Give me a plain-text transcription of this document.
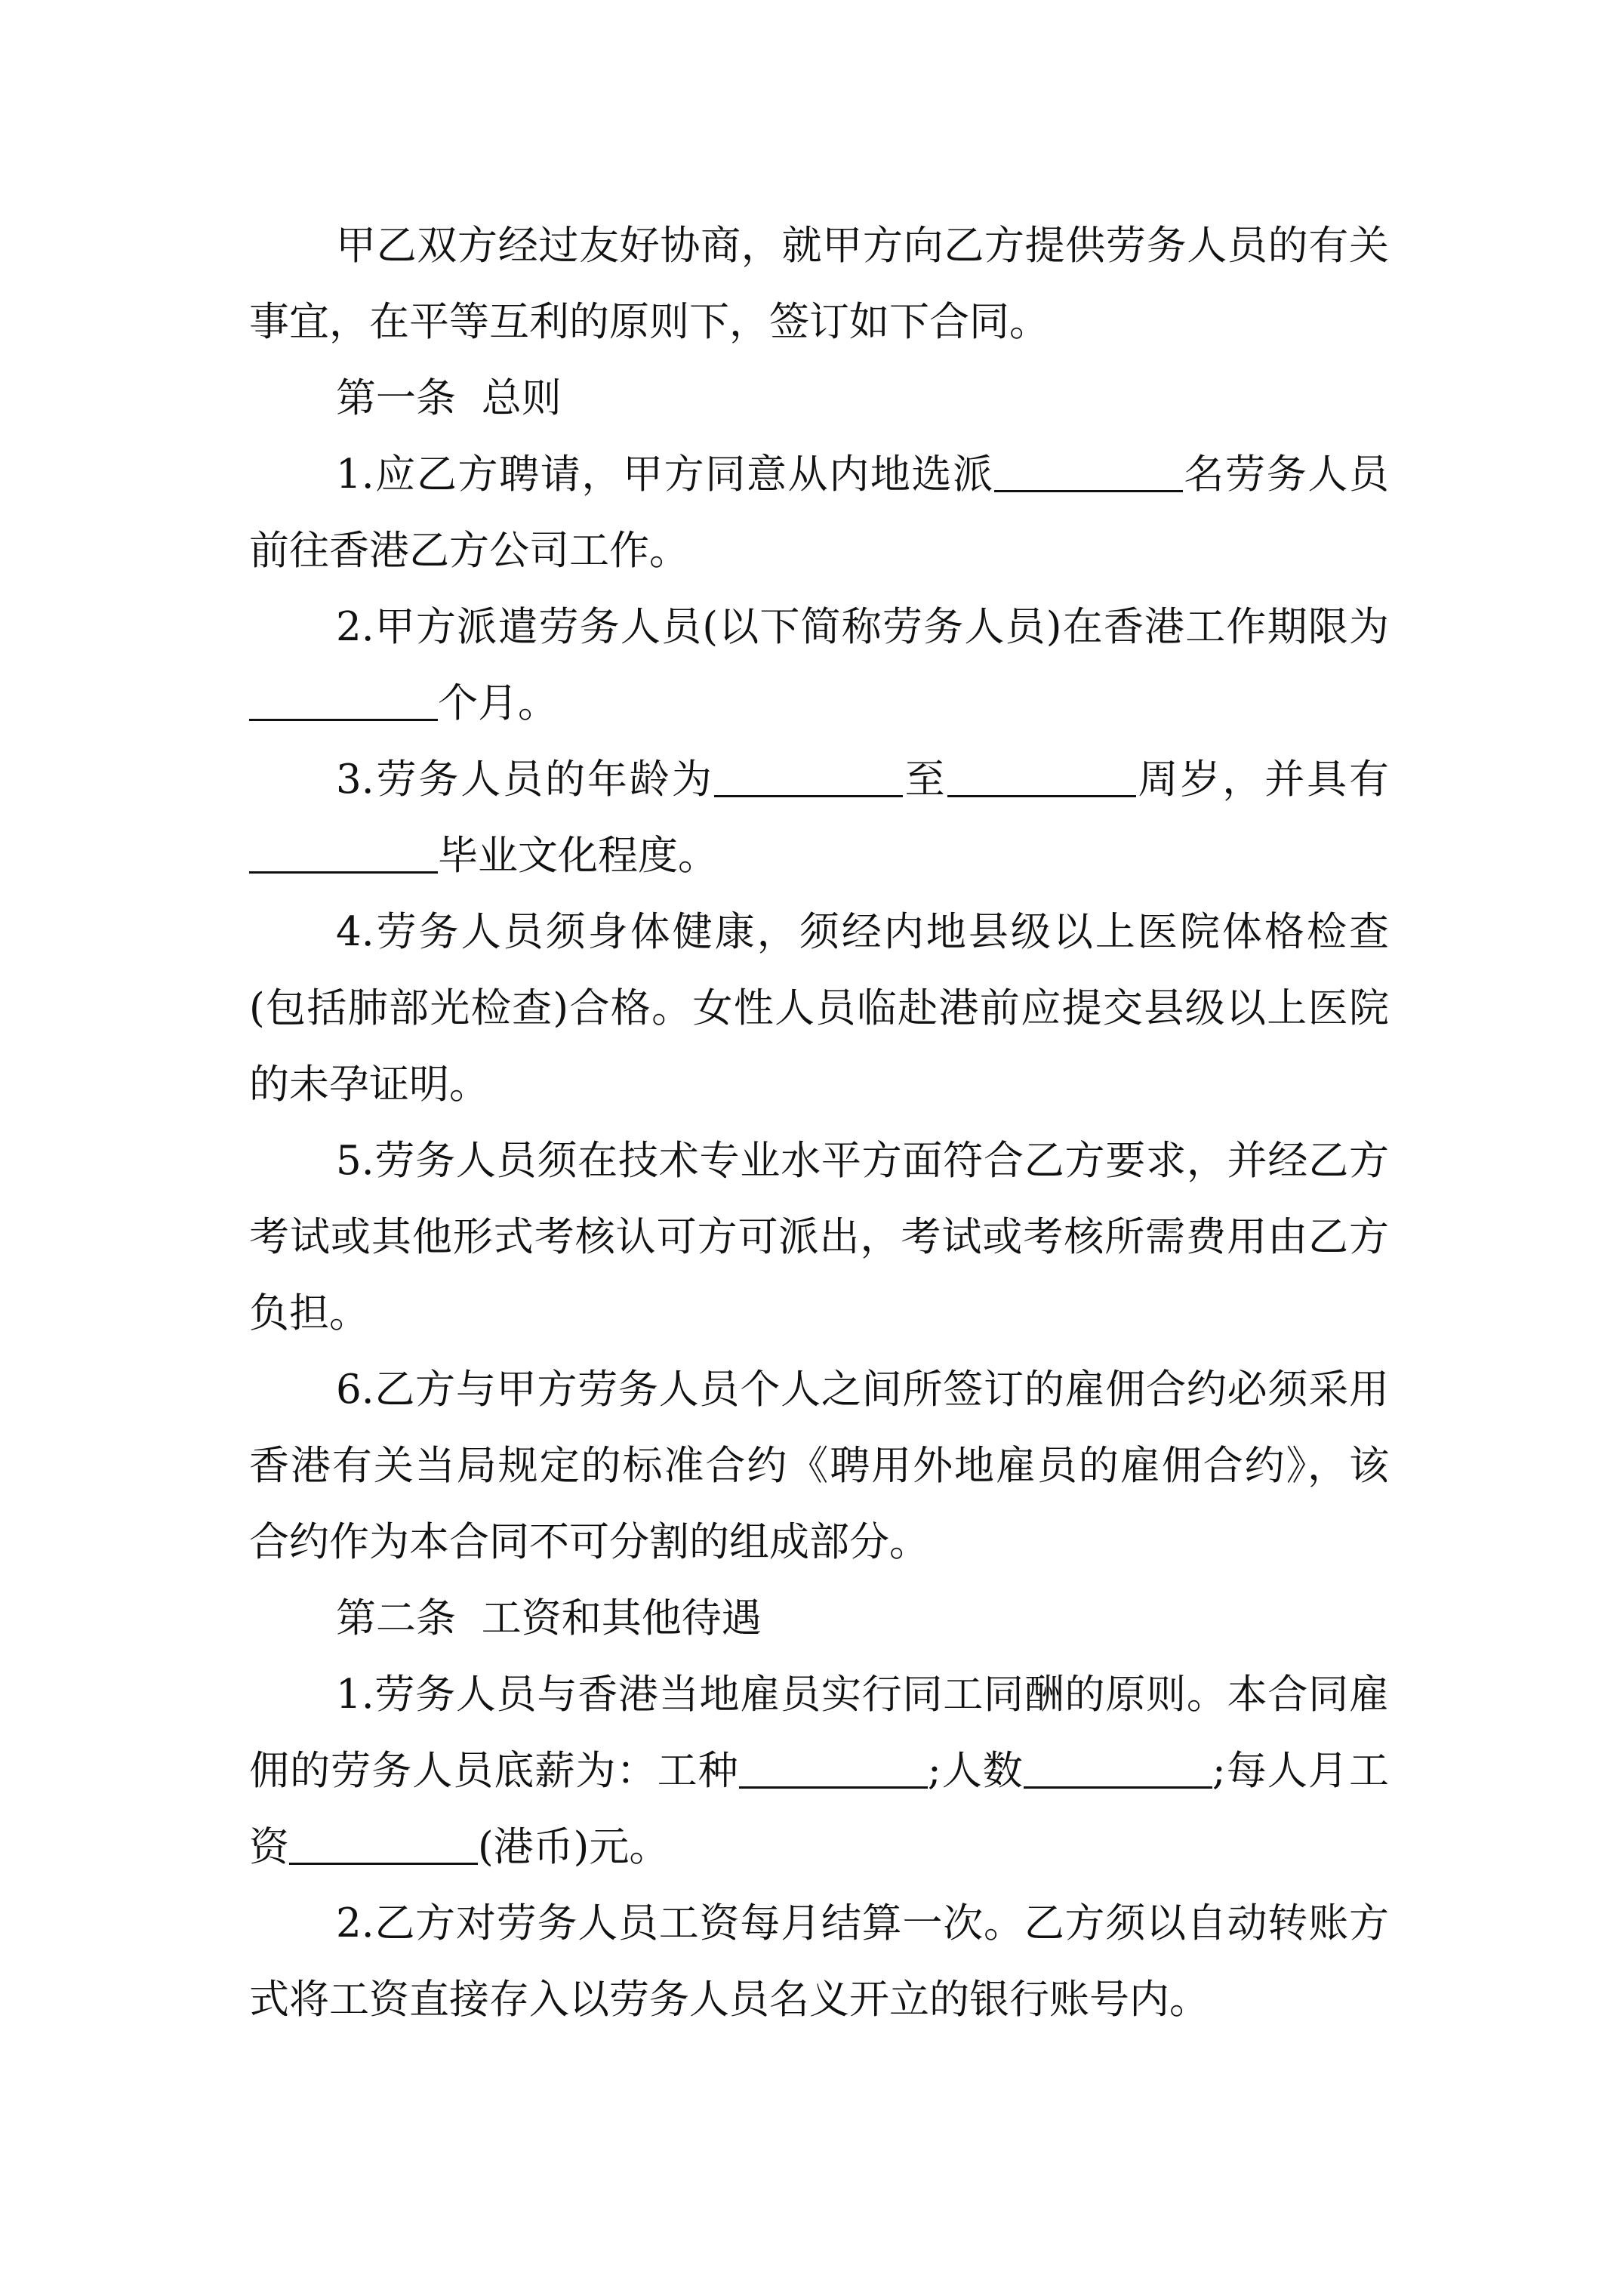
甲乙双方经过友好协商，就甲方向乙方提供劳务人员的有关事宜，在平等互利的原则下，签订如下合同。

第一条  总则

1.应乙方聘请，甲方同意从内地选派	名劳务人员前往香港乙方公司工作。

2.甲方派遣劳务人员(以下简称劳务人员)在香港工作期限为个月。

3.劳务人员的年龄为	至	周岁，并具有毕业文化程度。

4.劳务人员须身体健康，须经内地县级以上医院体格检查(包括肺部光检查)合格。女性人员临赴港前应提交县级以上医院的未孕证明。

5.劳务人员须在技术专业水平方面符合乙方要求，并经乙方考试或其他形式考核认可方可派出，考试或考核所需费用由乙方负担。

6.乙方与甲方劳务人员个人之间所签订的雇佣合约必须采用香港有关当局规定的标准合约《聘用外地雇员的雇佣合约》，该合约作为本合同不可分割的组成部分。

第二条  工资和其他待遇

1.劳务人员与香港当地雇员实行同工同酬的原则。本合同雇佣的劳务人员底薪为：工种	;人数	;每人月工资	(港币)元。

2.乙方对劳务人员工资每月结算一次。乙方须以自动转账方式将工资直接存入以劳务人员名义开立的银行账号内。
